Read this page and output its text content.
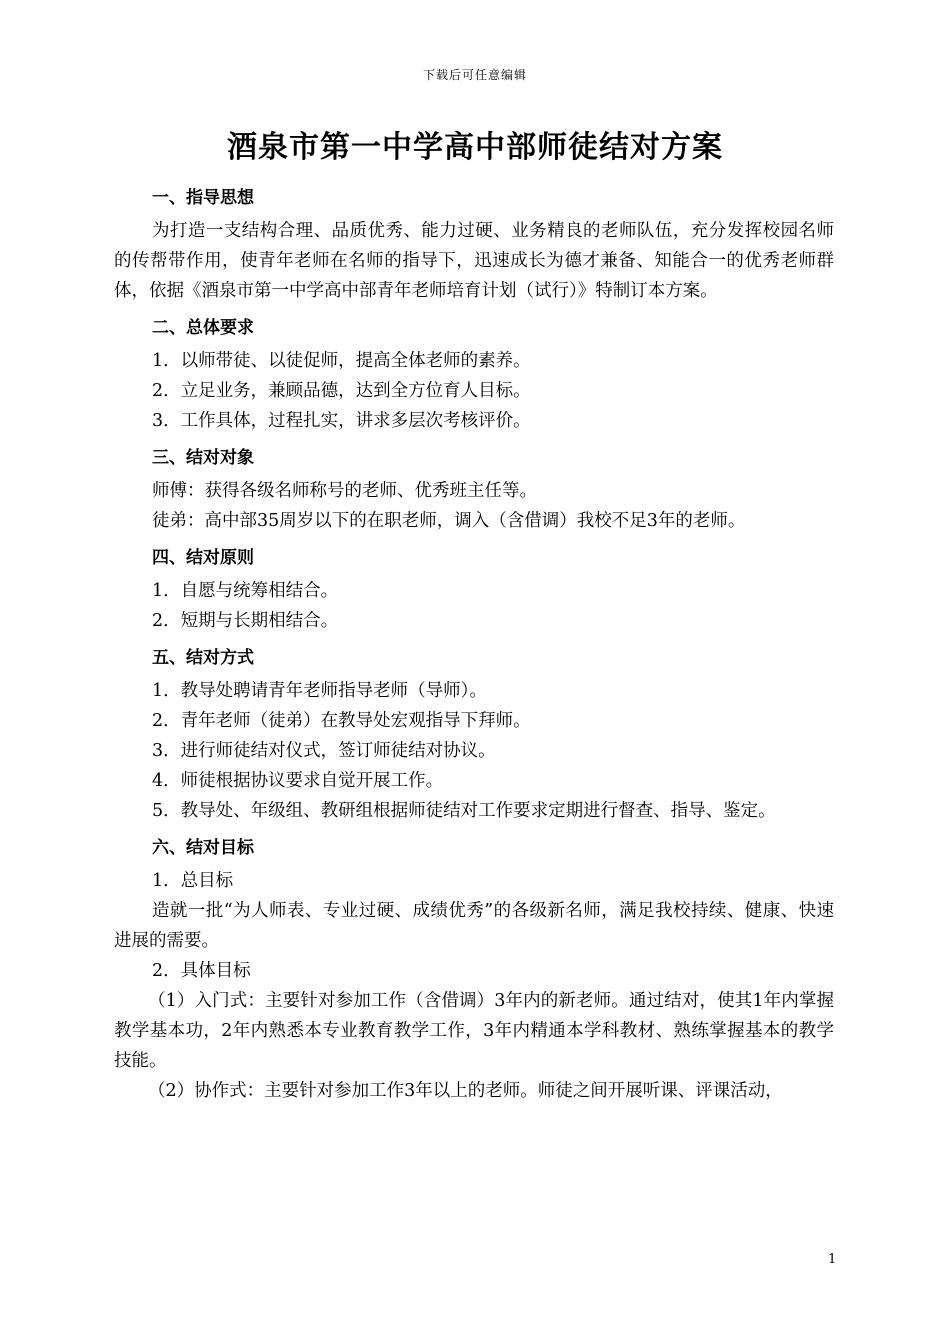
下载后可任意编辑
酒泉市第一中学高中部师徒结对方案
一、指导思想

为打造一支结构合理、品质优秀、能力过硬、业务精良的老师队伍，充分发挥校园名师的传帮带作用，使青年老师在名师的指导下，迅速成长为德才兼备、知能合一的优秀老师群体，依据《酒泉市第一中学高中部青年老师培育计划（试行）》特制订本方案。

二、总体要求
1．以师带徒、以徒促师，提高全体老师的素养。
2．立足业务，兼顾品德，达到全方位育人目标。
3．工作具体，过程扎实，讲求多层次考核评价。
三、结对对象
师傅：获得各级名师称号的老师、优秀班主任等。
徒弟：高中部35周岁以下的在职老师，调入（含借调）我校不足3年的老师。
四、结对原则
1．自愿与统筹相结合。
2．短期与长期相结合。
五、结对方式
1．教导处聘请青年老师指导老师（导师）。
2．青年老师（徒弟）在教导处宏观指导下拜师。
3．进行师徒结对仪式，签订师徒结对协议。
4．师徒根据协议要求自觉开展工作。
5．教导处、年级组、教研组根据师徒结对工作要求定期进行督查、指导、鉴定。
六、结对目标
1．总目标

造就一批“为人师表、专业过硬、成绩优秀”的各级新名师，满足我校持续、健康、快速进展的需要。

2．具体目标

（1）入门式：主要针对参加工作（含借调）3年内的新老师。通过结对，使其1年内掌握教学基本功，2年内熟悉本专业教育教学工作，3年内精通本学科教材、熟练掌握基本的教学技能。

（2）协作式：主要针对参加工作3年以上的老师。师徒之间开展听课、评课活动，

1
